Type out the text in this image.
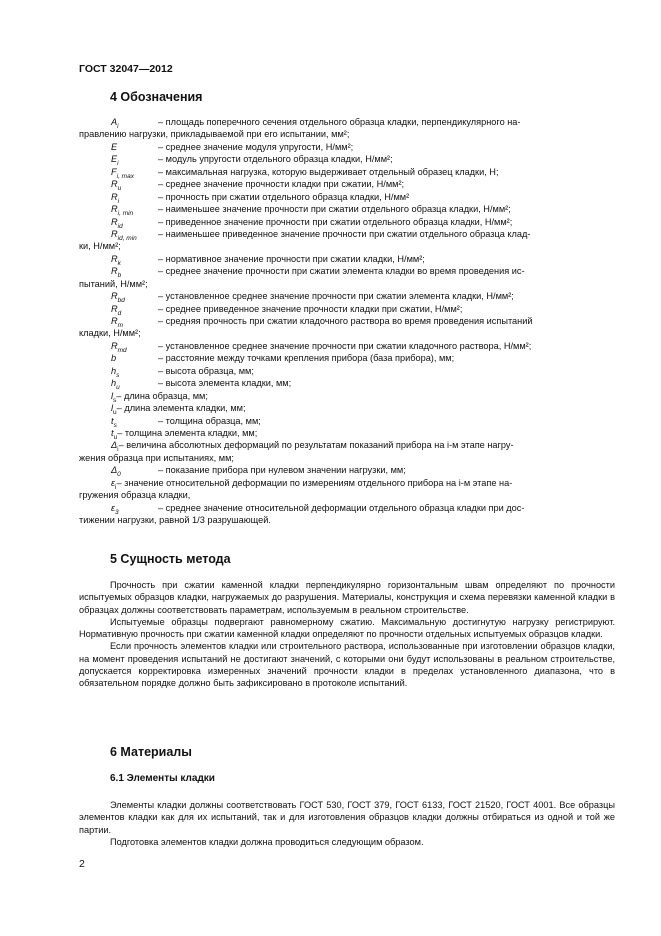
ГОСТ 32047—2012
4 Обозначения
$A_i$	– площадь поперечного сечения отдельного образца кладки, перпендикулярного на-
правлению нагрузки, прикладываемой при его испытании, мм²;
E	– среднее значение модуля упругости, Н/мм²;
$E_i$	– модуль упругости отдельного образца кладки, Н/мм²;
$F_{i, max}$	– максимальная нагрузка, которую выдерживает отдельный образец кладки, Н;
$R_u$	– среднее значение прочности кладки при сжатии, Н/мм²;
$R_i$	– прочность при сжатии отдельного образца кладки, Н/мм²
$R_{i, min}$	– наименьшее значение прочности при сжатии отдельного образца кладки, Н/мм²;
$R_{id}$	– приведенное значение прочности при сжатии отдельного образца кладки, Н/мм²;
$R_{id, min}$ – наименьшее приведенное значение прочности при сжатии отдельного образца клад-
ки, Н/мм²;
$R_k$	– нормативное значение прочности при сжатии кладки, Н/мм²;
$R_b$	– среднее значение прочности при сжатии элемента кладки во время проведения ис-
пытаний, Н/мм²;
$R_{bd}$	– установленное среднее значение прочности при сжатии элемента кладки, Н/мм²;
$R_d$	– среднее приведенное значение прочности кладки при сжатии, Н/мм²;
$R_m$	– средняя прочность при сжатии кладочного раствора во время проведения испытаний
кладки, Н/мм²;
$R_{md}$	– установленное среднее значение прочности при сжатии кладочного раствора, Н/мм²;
b	– расстояние между точками крепления прибора (база прибора), мм;
$h_s$	– высота образца, мм;
$h_u$	– высота элемента кладки, мм;
$l_s-$ длина образца, мм;
$l_u-$ длина элемента кладки, мм;
$t_s$	– толщина образца, мм;
$t_u-$ толщина элемента кладки, мм;
$\Delta_i-$ величина абсолютных деформаций по результатам показаний прибора на i-м этапе нагру-
жения образца при испытаниях, мм;
$\Delta_0$	– показание прибора при нулевом значении нагрузки, мм;
$\varepsilon_i-$ значение относительной деформации по измерениям отдельного прибора на i-м этапе на-
гружения образца кладки,
$\varepsilon_3$	– среднее значение относительной деформации отдельного образца кладки при дос-
тижении нагрузки, равной 1/3 разрушающей.
5 Сущность метода

Прочность при сжатии каменной кладки перпендикулярно горизонтальным швам определяют по прочности испытуемых образцов кладки, нагружаемых до разрушения. Материалы, конструкция и схема перевязки каменной кладки в образцах должны соответствовать параметрам, используемым в реальном строительстве.

Испытуемые образцы подвергают равномерному сжатию. Максимальную достигнутую нагрузку регистрируют. Нормативную прочность при сжатии каменной кладки определяют по прочности отдельных испытуемых образцов кладки.

Если прочность элементов кладки или строительного раствора, использованные при изготовлении образцов кладки, на момент проведения испытаний не достигают значений, с которыми они будут использованы в реальном строительстве, допускается корректировка измеренных значений прочности кладки в пределах установленного диапазона, что в обязательном порядке должно быть зафиксировано в протоколе испытаний.

6 Материалы
6.1 Элементы кладки

Элементы кладки должны соответствовать ГОСТ 530, ГОСТ 379, ГОСТ 6133, ГОСТ 21520, ГОСТ 4001. Все образцы элементов кладки как для их испытаний, так и для изготовления образцов кладки должны отбираться из одной и той же партии.

Подготовка элементов кладки должна проводиться следующим образом.

2
